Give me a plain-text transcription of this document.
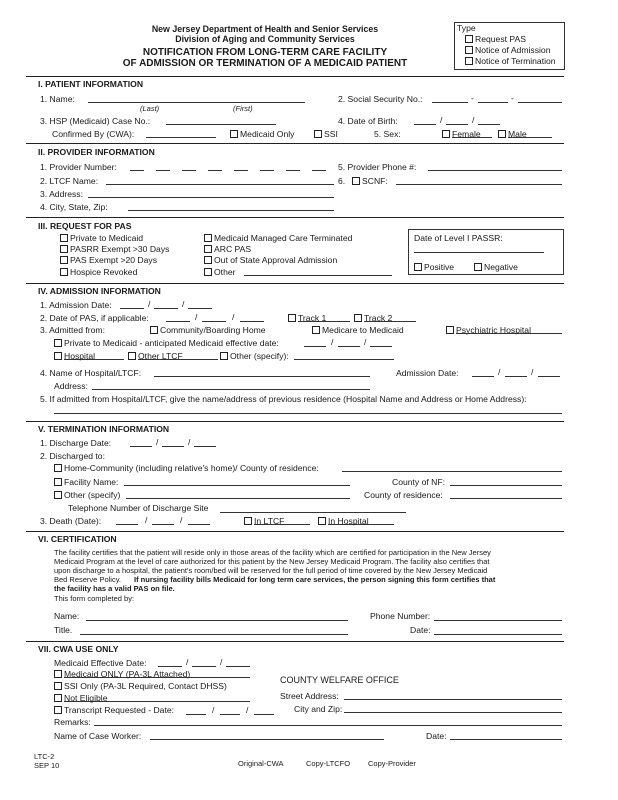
New Jersey Department of Health and Senior Services
Division of Aging and Community Services
NOTIFICATION FROM LONG-TERM CARE FACILITY
OF ADMISSION OR TERMINATION OF A MEDICAID PATIENT
Type
Request PAS
Notice of Admission
Notice of Termination
I. PATIENT INFORMATION
1. Name:
(Last)	(First)
2. Social Security No.:	-	-
3. HSP (Medicaid) Case No.:	4. Date of Birth:	/	/
Confirmed By (CWA):	Medicaid Only	SSI	5. Sex:	Female	Male
II. PROVIDER INFORMATION
1. Provider Number:	5. Provider Phone #:
2. LTCF Name:	6.	SCNF:
3. Address:
4. City, State, Zip:
III. REQUEST FOR PAS
Private to Medicaid
PASRR Exempt >30 Days
PAS Exempt >20 Days
Hospice Revoked
Medicaid Managed Care Terminated
ARC PAS
Out of State Approval Admission
Other
Date of Level I PASSR:
Positive	Negative
IV. ADMISSION INFORMATION
1. Admission Date:	/	/
2. Date of PAS, if applicable:	/	/	Track 1	Track 2
3. Admitted from:	Community/Boarding Home	Medicare to Medicaid	Psychiatric Hospital
Private to Medicaid - anticipated Medicaid effective date:	/	/
Hospital	Other LTCF	Other (specify):
4. Name of Hospital/LTCF:	Admission Date:	/	/
Address:
5. If admitted from Hospital/LTCF, give the name/address of previous residence (Hospital Name and Address or Home Address):
V. TERMINATION INFORMATION
1. Discharge Date:	/	/
2. Discharged to:
Home-Community (including relative's home)/ County of residence:
Facility Name:	County of NF:
Other (specify)	County of residence:
Telephone Number of Discharge Site
3. Death (Date):	/	/	In LTCF	In Hospital
VI. CERTIFICATION
The facility certifies that the patient will reside only in those areas of the facility which are certified for participation in the New Jersey
Medicaid Program at the level of care authorized for this patient by the New Jersey Medicaid Program. The facility also certifies that
upon discharge to a hospital, the patient's room/bed will be reserved for the full period of time covered by the New Jersey Medicaid
Bed Reserve Policy. If nursing facility bills Medicaid for long term care services, the person signing this form certifies that
the facility has a valid PAS on file.
This form completed by:
Name:	Phone Number:
Title.	Date:
VII. CWA USE ONLY
Medicaid Effective Date:	/	/
Medicaid ONLY (PA-3L Attached)
SSI Only (PA-3L Required, Contact DHSS)
Not Eligible
Transcript Requested - Date:	/	/
COUNTY WELFARE OFFICE
Street Address:
City and Zip:
Remarks:
Name of Case Worker:	Date:
LTC-2
SEP 10	Original-CWA	Copy-LTCFO Copy-Provider
